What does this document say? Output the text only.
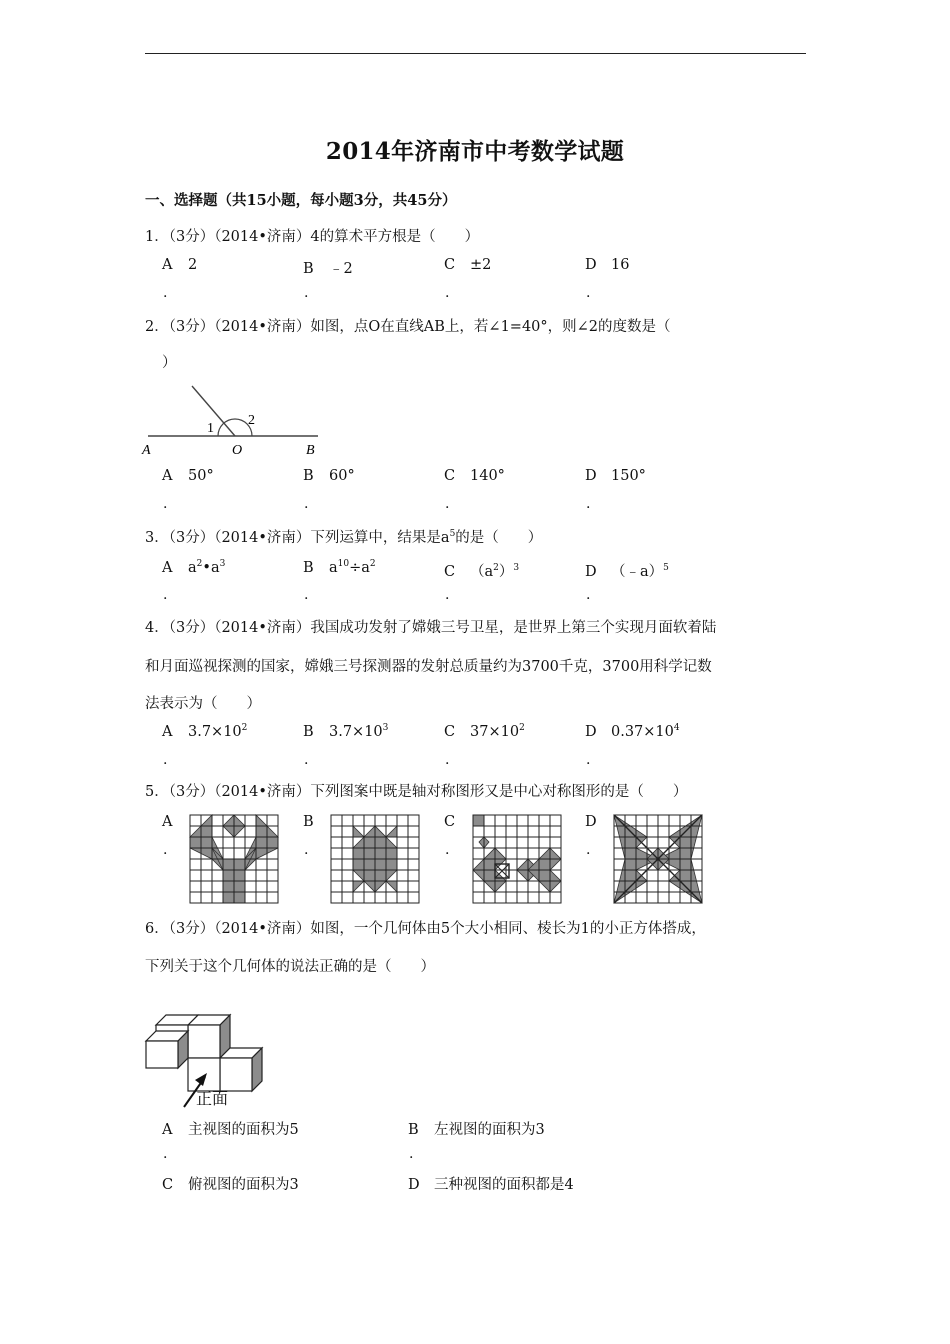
2014年济南市中考数学试题
一、选择题（共15小题，每小题3分，共45分）
1．（3分）（2014•济南）4的算术平方根是（　　）
A 2	B ﹣2	C ±2	D 16
.	.	.	.
2．（3分）（2014•济南）如图，点O在直线AB上，若∠1=40°，则∠2的度数是（
）
A	O	B
1
2
A 50°	B 60°	C 140°	D 150°
.	.	.	.
3．（3分）（2014•济南）下列运算中，结果是$a^5$的是（　　）
A $a^2•a^3$	B $a^{10}\div a^2$	C $(a^2)^3$	D （﹣a）$^5$
.	.	.	.
4．（3分）（2014•济南）我国成功发射了嫦娥三号卫星，是世界上第三个实现月面软着陆
和月面巡视探测的国家，嫦娥三号探测器的发射总质量约为3700千克，3700用科学记数
法表示为（　　）
A $3.7\times 10^2$	B $3.7\times 10^3$	C $37\times 10^2$	D $0.37\times 10^4$
.	.	.	.
5．（3分）（2014•济南）下列图案中既是轴对称图形又是中心对称图形的是（　　）
A	B	C	D
.	.	.	.
6．（3分）（2014•济南）如图，一个几何体由5个大小相同、棱长为1的小正方体搭成，
下列关于这个几何体的说法正确的是（　　）
正面
A 主视图的面积为5	B 左视图的面积为3
.	.
C 俯视图的面积为3	D 三种视图的面积都是4
